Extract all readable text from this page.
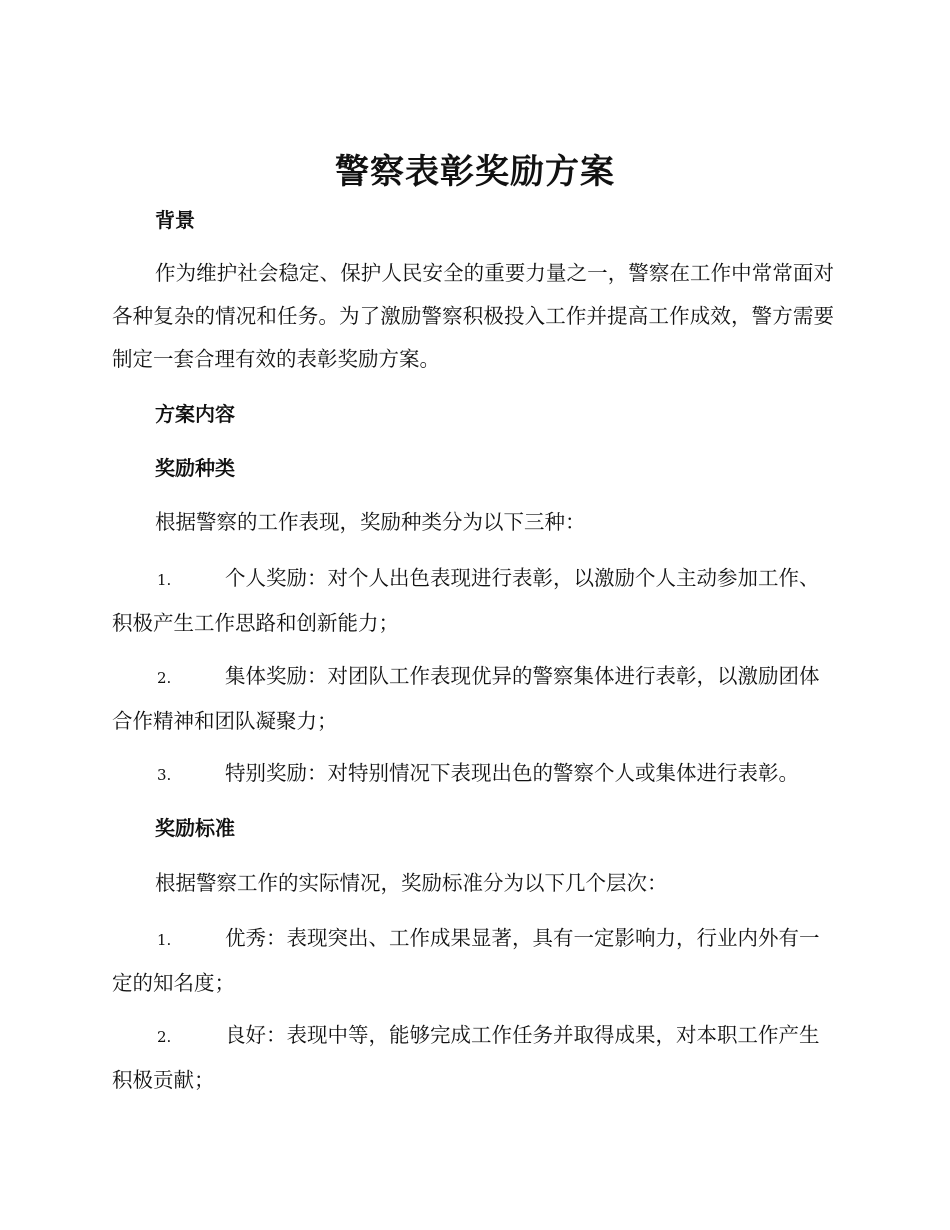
警察表彰奖励方案
背景
作为维护社会稳定、保护人民安全的重要力量之一，警察在工作中常常面对各种复杂的情况和任务。为了激励警察积极投入工作并提高工作成效，警方需要制定一套合理有效的表彰奖励方案。
方案内容
奖励种类
根据警察的工作表现，奖励种类分为以下三种：
1.	个人奖励：对个人出色表现进行表彰，以激励个人主动参加工作、积极产生工作思路和创新能力；
2.	集体奖励：对团队工作表现优异的警察集体进行表彰，以激励团体合作精神和团队凝聚力；
3.	特别奖励：对特别情况下表现出色的警察个人或集体进行表彰。
奖励标准
根据警察工作的实际情况，奖励标准分为以下几个层次：
1.	优秀：表现突出、工作成果显著，具有一定影响力，行业内外有一定的知名度；
2.	良好：表现中等，能够完成工作任务并取得成果，对本职工作产生积极贡献；
